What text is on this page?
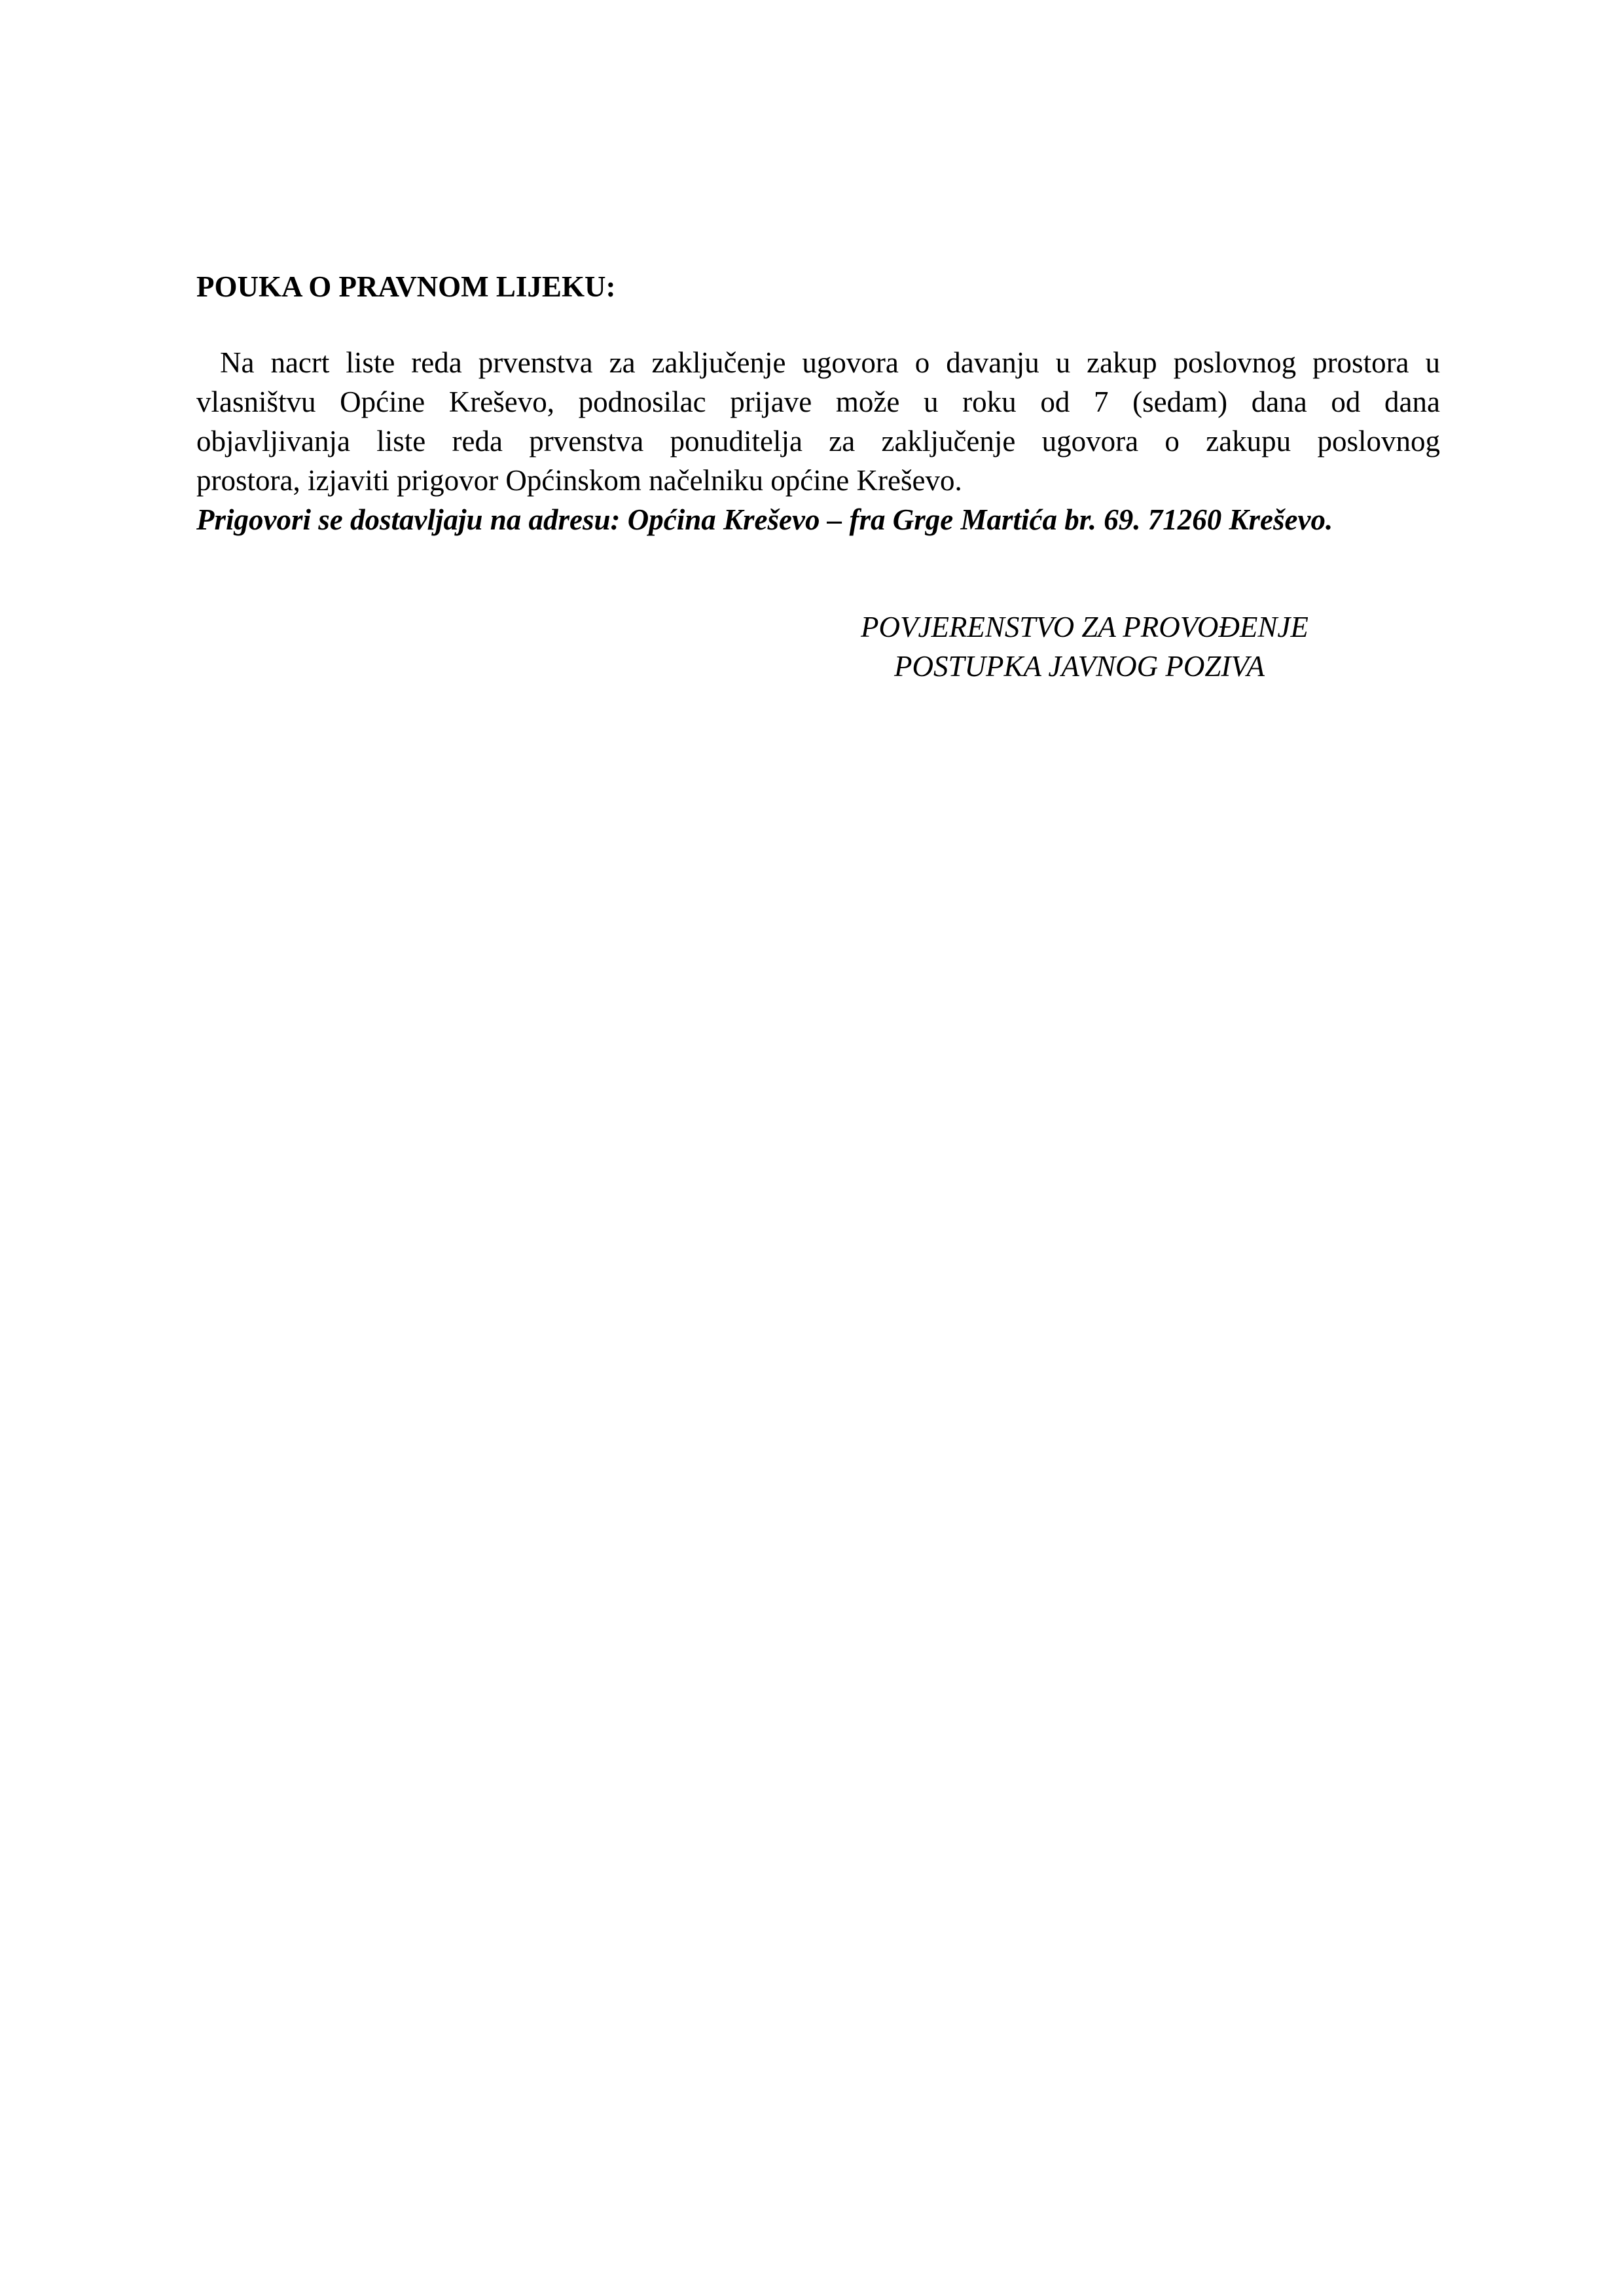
POUKA O PRAVNOM LIJEKU:
Na nacrt liste reda prvenstva za zaključenje ugovora o davanju u zakup poslovnog prostora u
vlasništvu Općine Kreševo, podnosilac prijave može u roku od 7 (sedam) dana od dana
objavljivanja liste reda prvenstva ponuditelja za zaključenje ugovora o zakupu poslovnog
prostora, izjaviti prigovor Općinskom načelniku općine Kreševo.
Prigovori se dostavljaju na adresu: Općina Kreševo – fra Grge Martića br. 69. 71260 Kreševo.
POVJERENSTVO ZA PROVOĐENJE
POSTUPKA JAVNOG POZIVA
